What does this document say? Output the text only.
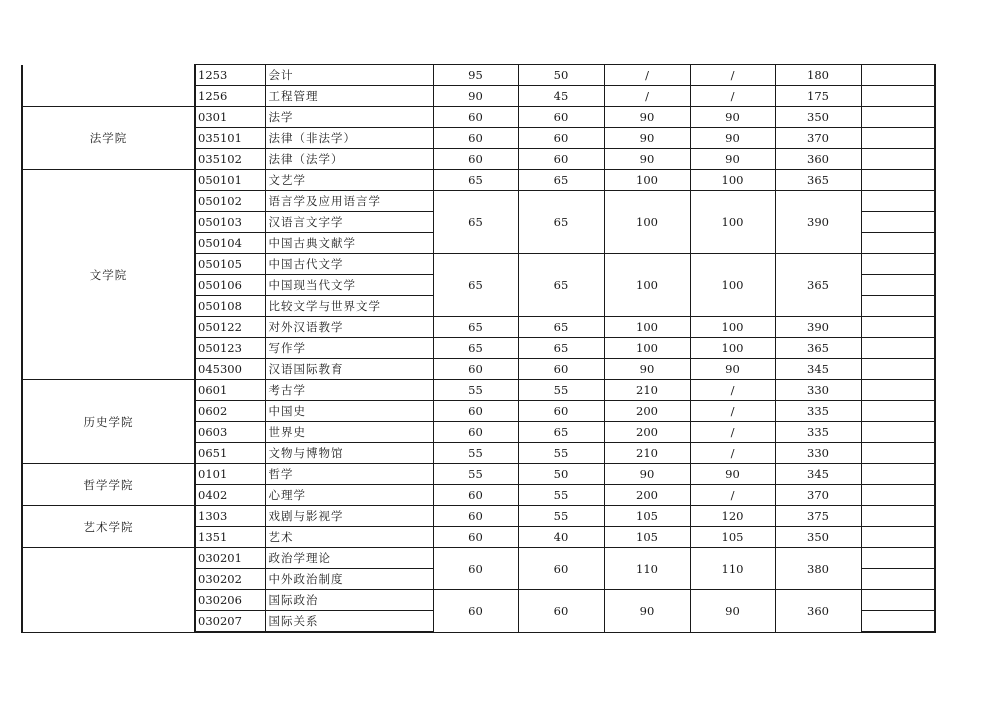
	1253	会计	95	50	/	/	180	
	1256	工程管理	90	45	/	/	175	
法学院	0301	法学	60	60	90	90	350	
	035101	法律（非法学）	60	60	90	90	370	
	035102	法律（法学）	60	60	90	90	360	
文学院	050101	文艺学	65	65	100	100	365	
	050102	语言学及应用语言学	65	65	100	100	390	
	050103	汉语言文字学						
	050104	中国古典文献学						
	050105	中国古代文学	65	65	100	100	365	
	050106	中国现当代文学						
	050108	比较文学与世界文学						
	050122	对外汉语教学	65	65	100	100	390	
	050123	写作学	65	65	100	100	365	
	045300	汉语国际教育	60	60	90	90	345	
历史学院	0601	考古学	55	55	210	/	330	
	0602	中国史	60	60	200	/	335	
	0603	世界史	60	65	200	/	335	
	0651	文物与博物馆	55	55	210	/	330	
哲学学院	0101	哲学	55	50	90	90	345	
	0402	心理学	60	55	200	/	370	
艺术学院	1303	戏剧与影视学	60	55	105	120	375	
	1351	艺术	60	40	105	105	350	
	030201	政治学理论	60	60	110	110	380	
	030202	中外政治制度						
	030206	国际政治	60	60	90	90	360	
	030207	国际关系						
